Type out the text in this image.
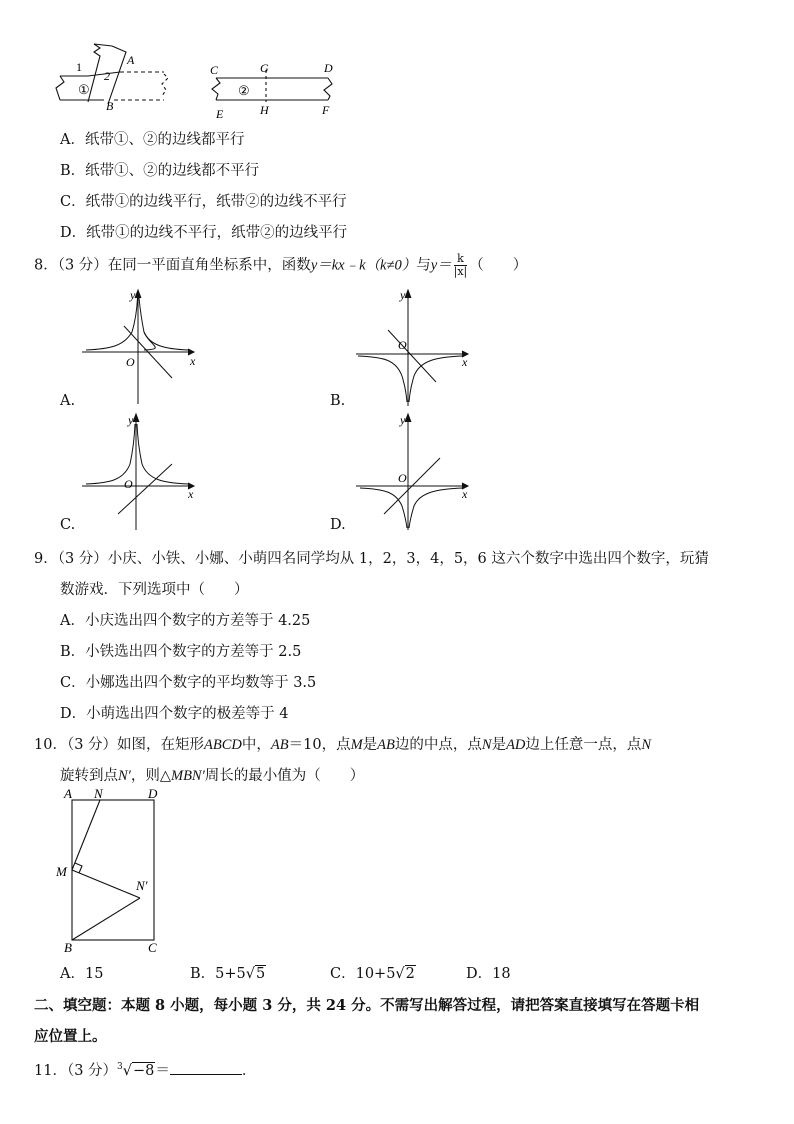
1
2
A
B
①
C	G	D
E	H	F
②
A．纸带①、②的边线都平行
B．纸带①、②的边线都不平行
C．纸带①的边线平行，纸带②的边线不平行
D．纸带①的边线不平行，纸带②的边线平行
8．（3 分）在同一平面直角坐标系中，函数y＝kx﹣k（k≠0）与$y= \frac{k}{|x|}$ （　　）
y
x
O
A.
y
x
O
B.
y
x
O
C.
y
x
O
D.
9．（3 分）小庆、小铁、小娜、小萌四名同学均从 1，2，3，4，5，6 这六个数字中选出四个数字，玩猜
数游戏．下列选项中（　　）
A．小庆选出四个数字的方差等于 4.25
B．小铁选出四个数字的方差等于 2.5
C．小娜选出四个数字的平均数等于 3.5
D．小萌选出四个数字的极差等于 4
10．（3 分）如图，在矩形ABCD中，AB＝10，点M是AB边的中点，点N是AD边上任意一点，点N
旋转到点N′，则△MBN′周长的最小值为（　　）
A N	D
M
N′
B	C
A．15	B．5+5√5	C．10+5√2	D．18
二、填空题：本题 8 小题，每小题 3 分，共 24 分。不需写出解答过程，请把答案直接填写在答题卡相
应位置上。
11．（3 分）$^3$√−8＝	．
